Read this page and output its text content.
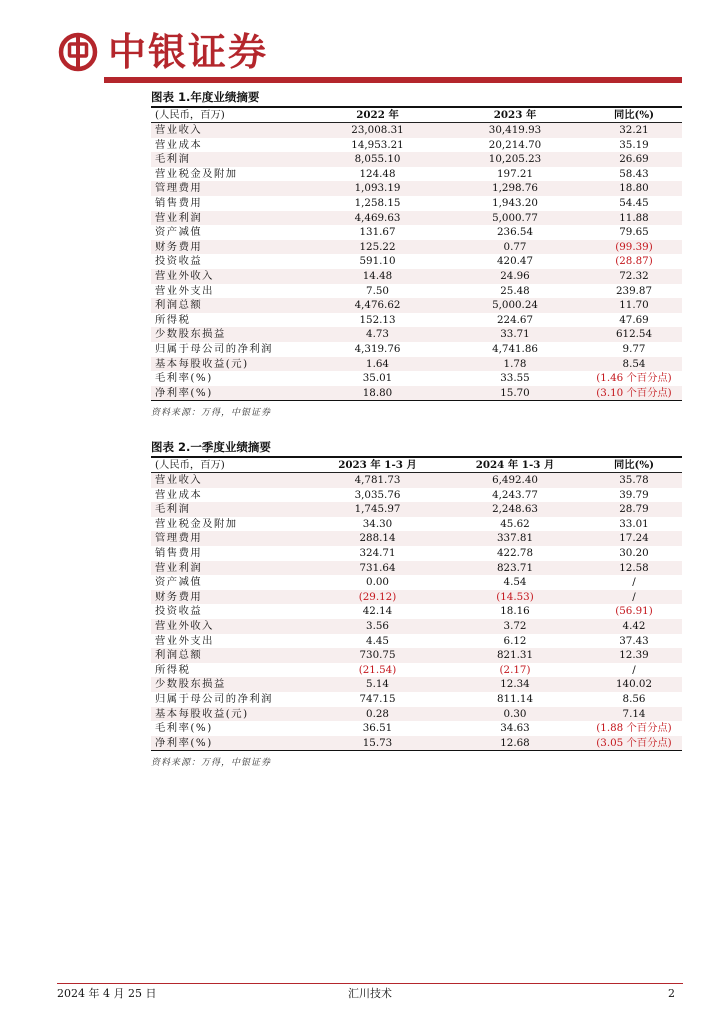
中银证券
图表 1.年度业绩摘要
(人民币，百万)	2022 年	2023 年	同比(%)
营业收入	23,008.31	30,419.93	32.21
营业成本	14,953.21	20,214.70	35.19
毛利润	8,055.10	10,205.23	26.69
营业税金及附加	124.48	197.21	58.43
管理费用	1,093.19	1,298.76	18.80
销售费用	1,258.15	1,943.20	54.45
营业利润	4,469.63	5,000.77	11.88
资产减值	131.67	236.54	79.65
财务费用	125.22	0.77	(99.39)
投资收益	591.10	420.47	(28.87)
营业外收入	14.48	24.96	72.32
营业外支出	7.50	25.48	239.87
利润总额	4,476.62	5,000.24	11.70
所得税	152.13	224.67	47.69
少数股东损益	4.73	33.71	612.54
归属于母公司的净利润	4,319.76	4,741.86	9.77
基本每股收益(元)	1.64	1.78	8.54
毛利率(%)	35.01	33.55	(1.46 个百分点)
净利率(%)	18.80	15.70	(3.10 个百分点)
资料来源：万得，中银证券
图表 2.一季度业绩摘要
(人民币，百万)	2023 年 1-3 月	2024 年 1-3 月	同比(%)
营业收入	4,781.73	6,492.40	35.78
营业成本	3,035.76	4,243.77	39.79
毛利润	1,745.97	2,248.63	28.79
营业税金及附加	34.30	45.62	33.01
管理费用	288.14	337.81	17.24
销售费用	324.71	422.78	30.20
营业利润	731.64	823.71	12.58
资产减值	0.00	4.54	/
财务费用	(29.12)	(14.53)	/
投资收益	42.14	18.16	(56.91)
营业外收入	3.56	3.72	4.42
营业外支出	4.45	6.12	37.43
利润总额	730.75	821.31	12.39
所得税	(21.54)	(2.17)	/
少数股东损益	5.14	12.34	140.02
归属于母公司的净利润	747.15	811.14	8.56
基本每股收益(元)	0.28	0.30	7.14
毛利率(%)	36.51	34.63	(1.88 个百分点)
净利率(%)	15.73	12.68	(3.05 个百分点)
资料来源：万得，中银证券
2024 年 4 月 25 日	汇川技术	2
